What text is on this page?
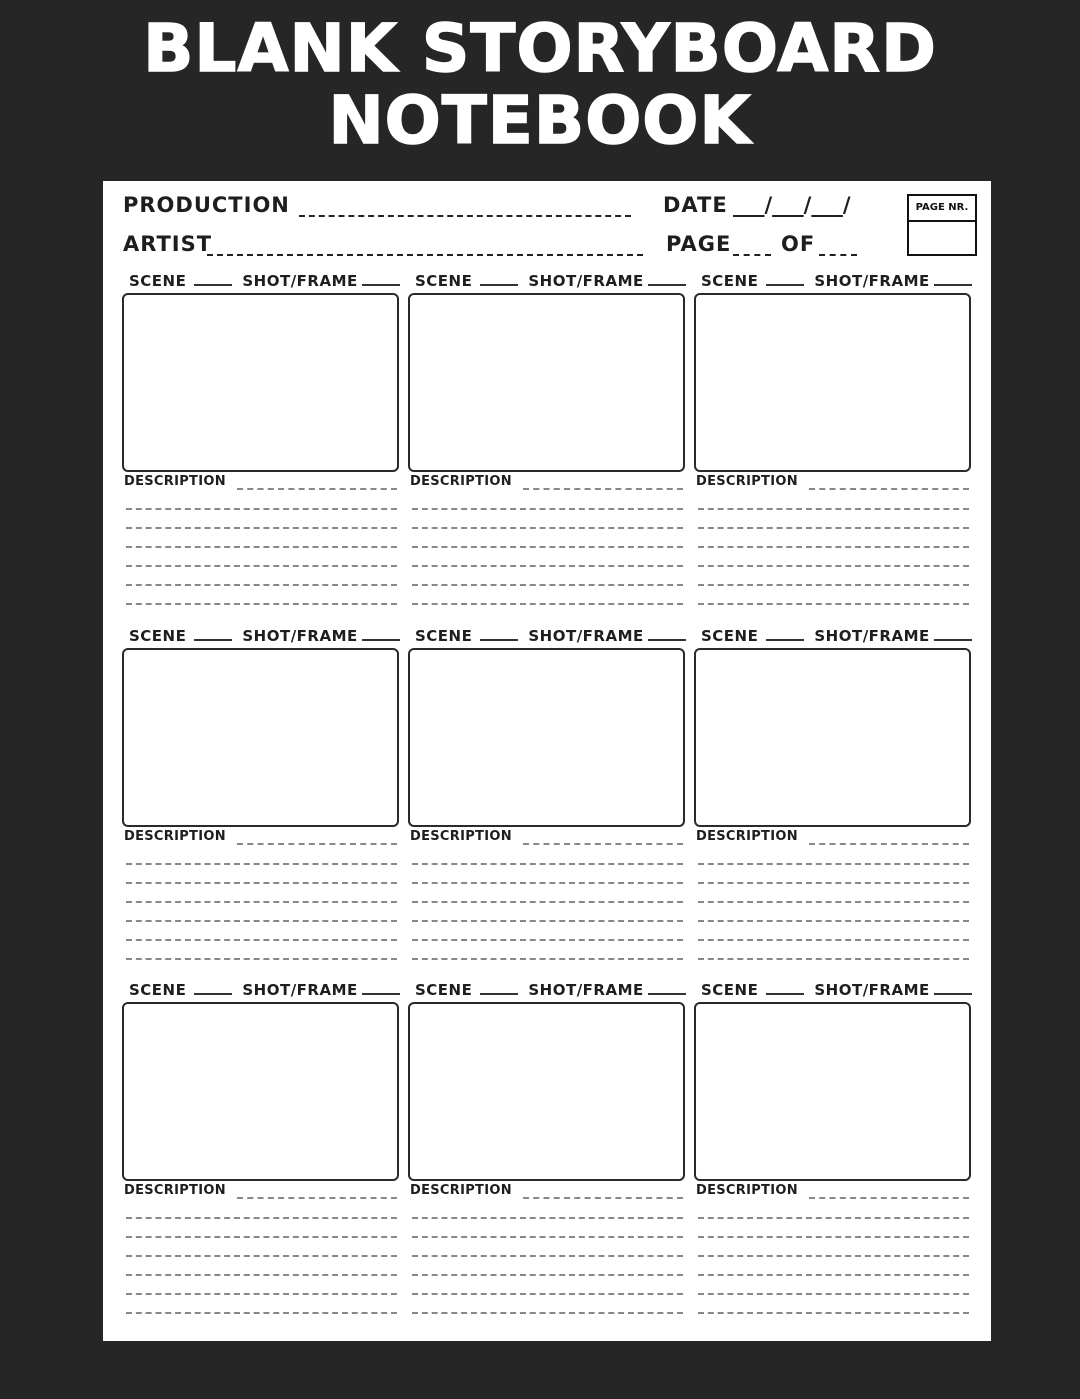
BLANK STORYBOARD
NOTEBOOK
PRODUCTION	DATE ___/___/___/	PAGE NR.
ARTIST	PAGE OF
SCENE	SHOT/FRAME
DESCRIPTION
SCENE	SHOT/FRAME
DESCRIPTION
SCENE	SHOT/FRAME
DESCRIPTION
SCENE	SHOT/FRAME
DESCRIPTION
SCENE	SHOT/FRAME
DESCRIPTION
SCENE	SHOT/FRAME
DESCRIPTION
SCENE	SHOT/FRAME
DESCRIPTION
SCENE	SHOT/FRAME
DESCRIPTION
SCENE	SHOT/FRAME
DESCRIPTION
